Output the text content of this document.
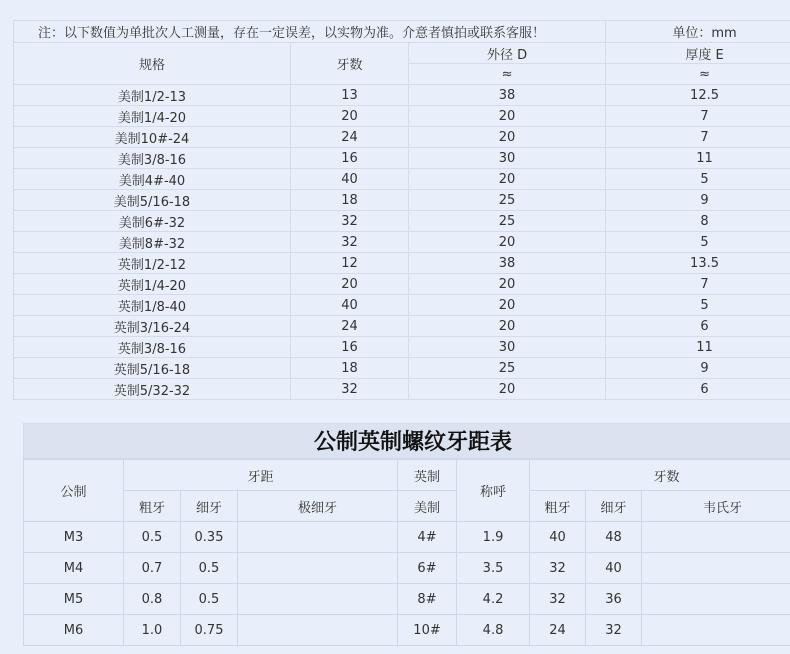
注：以下数值为单批次人工测量，存在一定误差，以实物为准。介意者慎拍或联系客服！			单位：mm
规格	牙数	外径 D	厚度 E
		≈	≈
美制1/2-13	13	38	12.5
美制1/4-20	20	20	7
美制10#-24	24	20	7
美制3/8-16	16	30	11
美制4#-40	40	20	5
美制5/16-18	18	25	9
美制6#-32	32	25	8
美制8#-32	32	20	5
英制1/2-12	12	38	13.5
英制1/4-20	20	20	7
英制1/8-40	40	20	5
英制3/16-24	24	20	6
英制3/8-16	16	30	11
英制5/16-18	18	25	9
英制5/32-32	32	20	6
公制英制螺纹牙距表
公制	牙距			英制	称呼	牙数		
	粗牙	细牙	极细牙	美制		粗牙	细牙	韦氏牙
M3	0.5	0.35		4#	1.9	40	48	
M4	0.7	0.5		6#	3.5	32	40	
M5	0.8	0.5		8#	4.2	32	36	
M6	1.0	0.75		10#	4.8	24	32	
